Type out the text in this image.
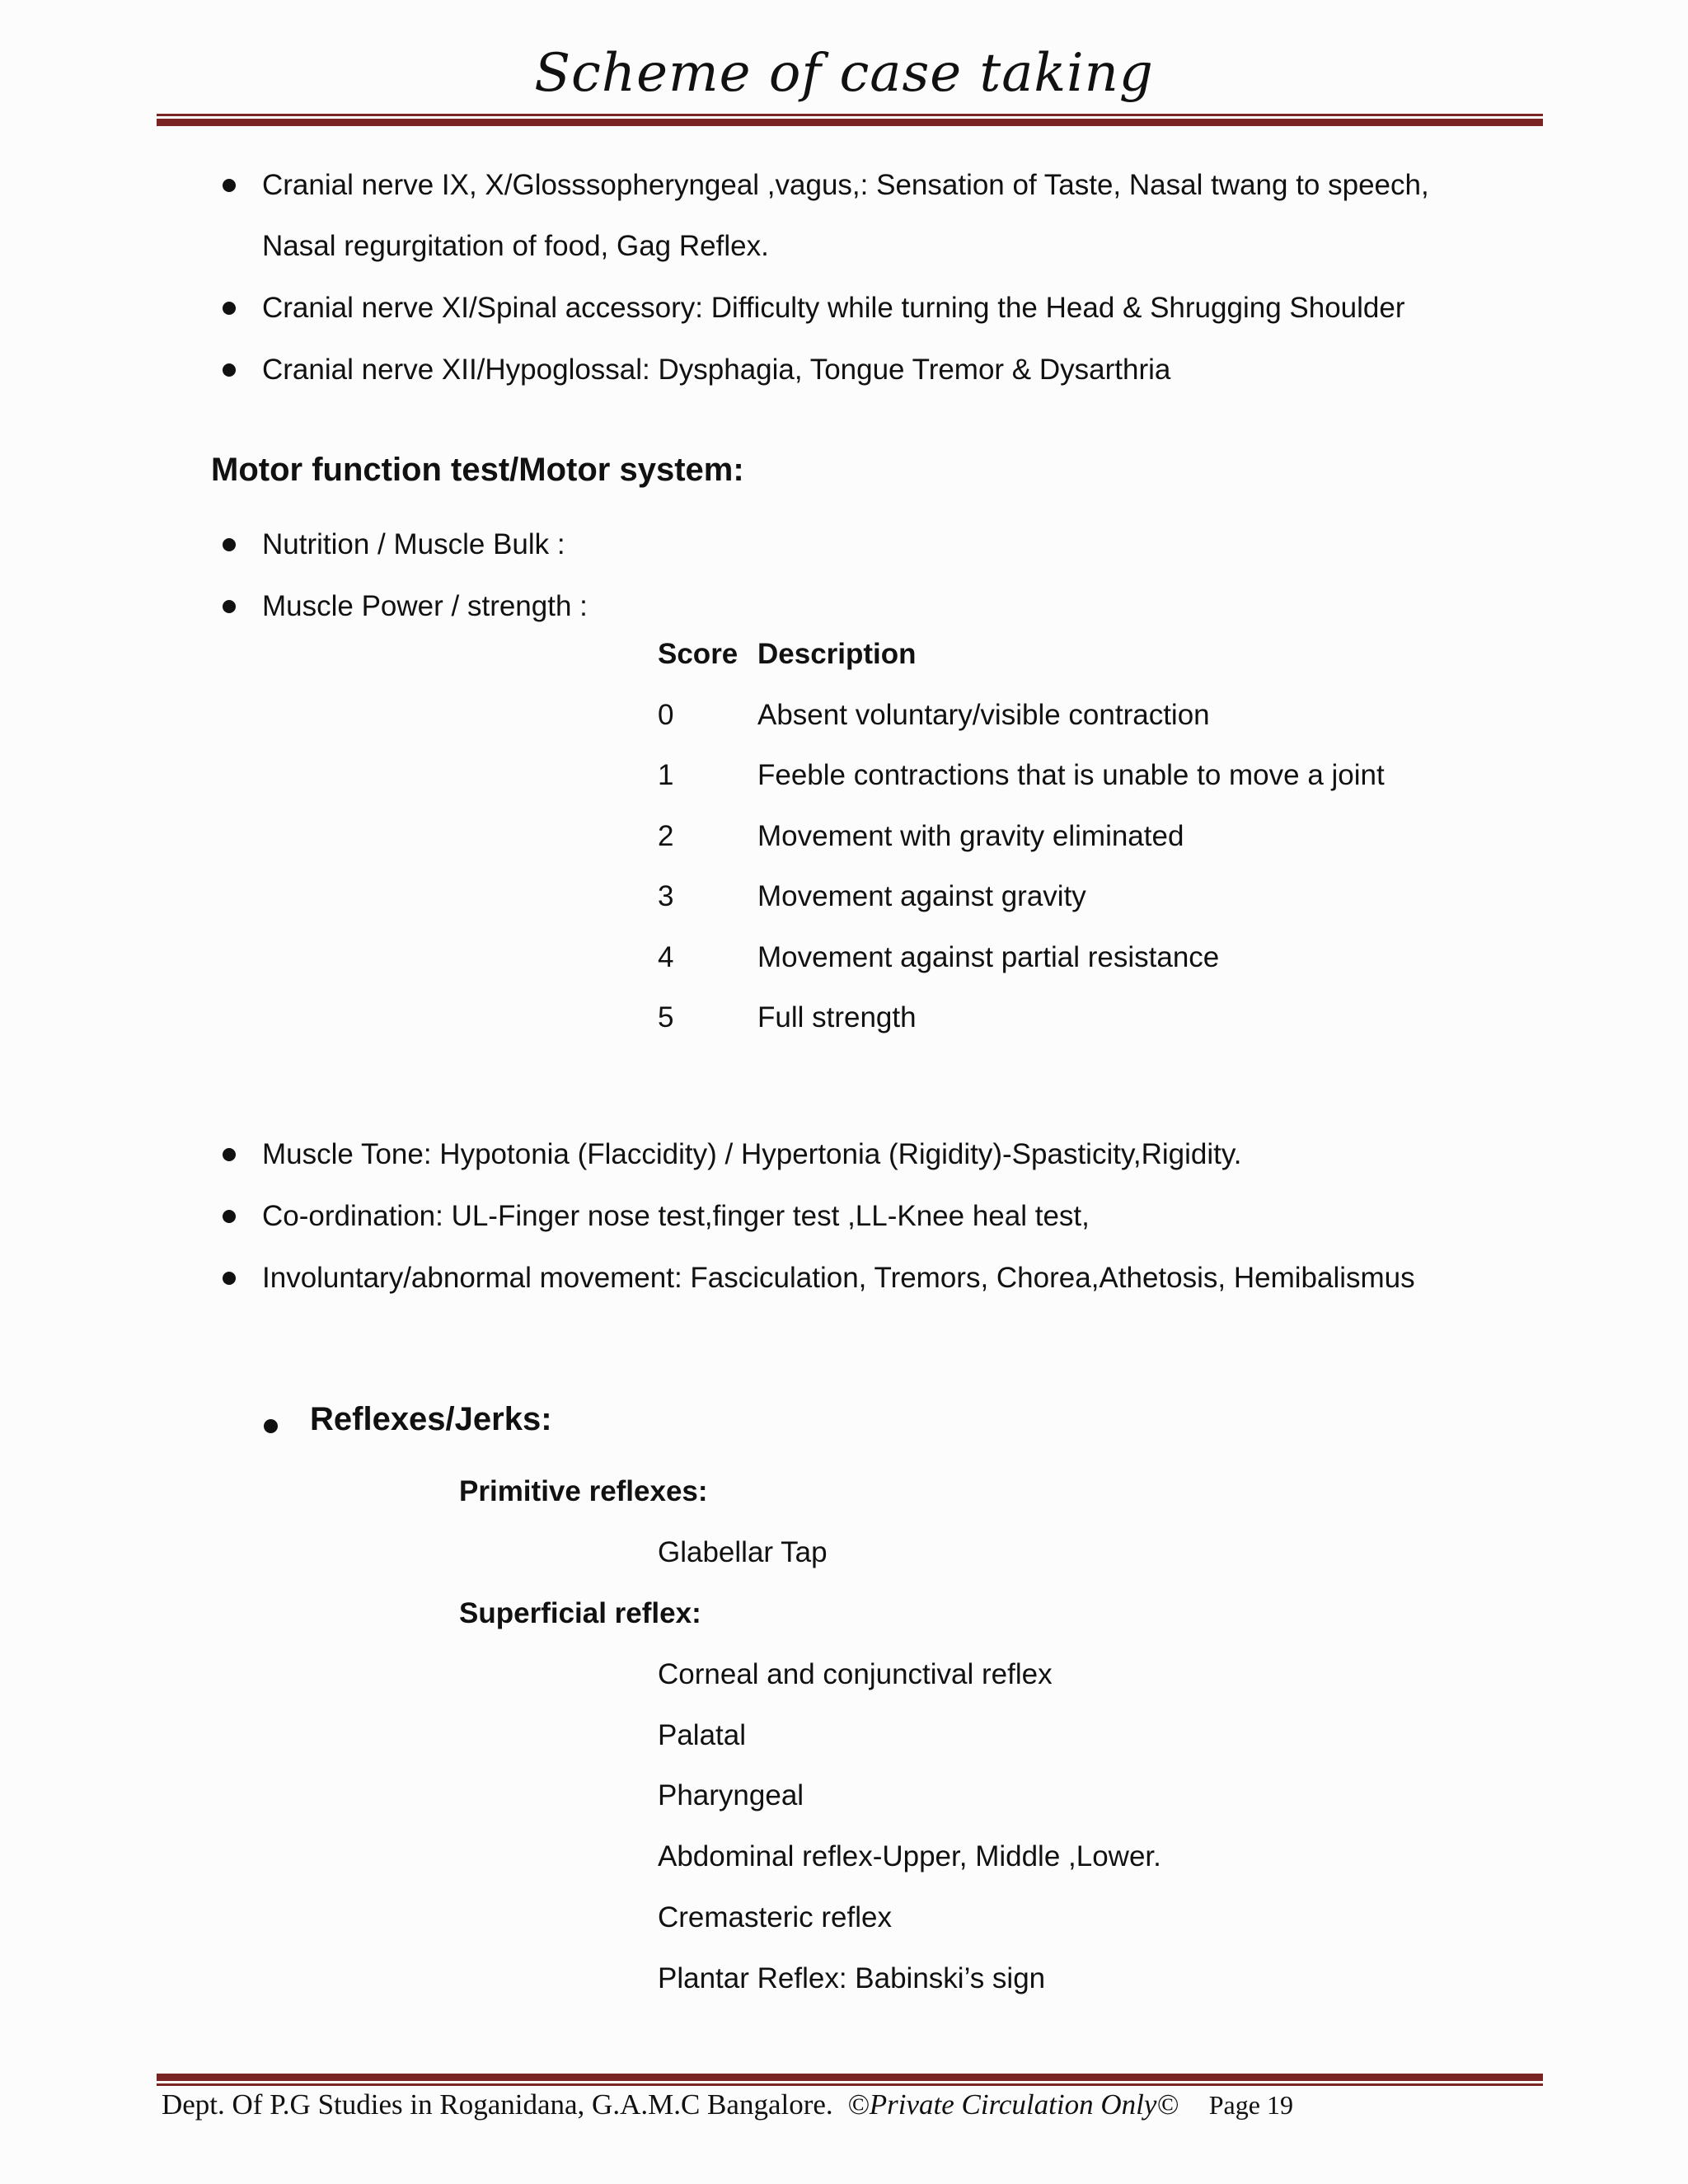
Scheme of case taking
Cranial nerve IX, X/Glosssopheryngeal ,vagus,: Sensation of Taste, Nasal twang to speech,
Nasal regurgitation of food, Gag Reflex.
Cranial nerve XI/Spinal accessory: Difficulty while turning the Head & Shrugging Shoulder
Cranial nerve XII/Hypoglossal: Dysphagia, Tongue Tremor & Dysarthria
Motor function test/Motor system:
Nutrition / Muscle Bulk :
Muscle Power / strength :
Score Description
0	Absent voluntary/visible contraction
1	Feeble contractions that is unable to move a joint
2	Movement with gravity eliminated
3	Movement against gravity
4	Movement against partial resistance
5	Full strength
Muscle Tone: Hypotonia (Flaccidity) / Hypertonia (Rigidity)-Spasticity,Rigidity.
Co-ordination: UL-Finger nose test,finger test ,LL-Knee heal test,
Involuntary/abnormal movement: Fasciculation, Tremors, Chorea,Athetosis, Hemibalismus
Reflexes/Jerks:
Primitive reflexes:
Glabellar Tap
Superficial reflex:
Corneal and conjunctival reflex
Palatal
Pharyngeal
Abdominal reflex-Upper, Middle ,Lower.
Cremasteric reflex
Plantar Reflex: Babinski’s sign
Dept. Of P.G Studies in Roganidana, G.A.M.C Bangalore. ©Private Circulation Only© Page 19
